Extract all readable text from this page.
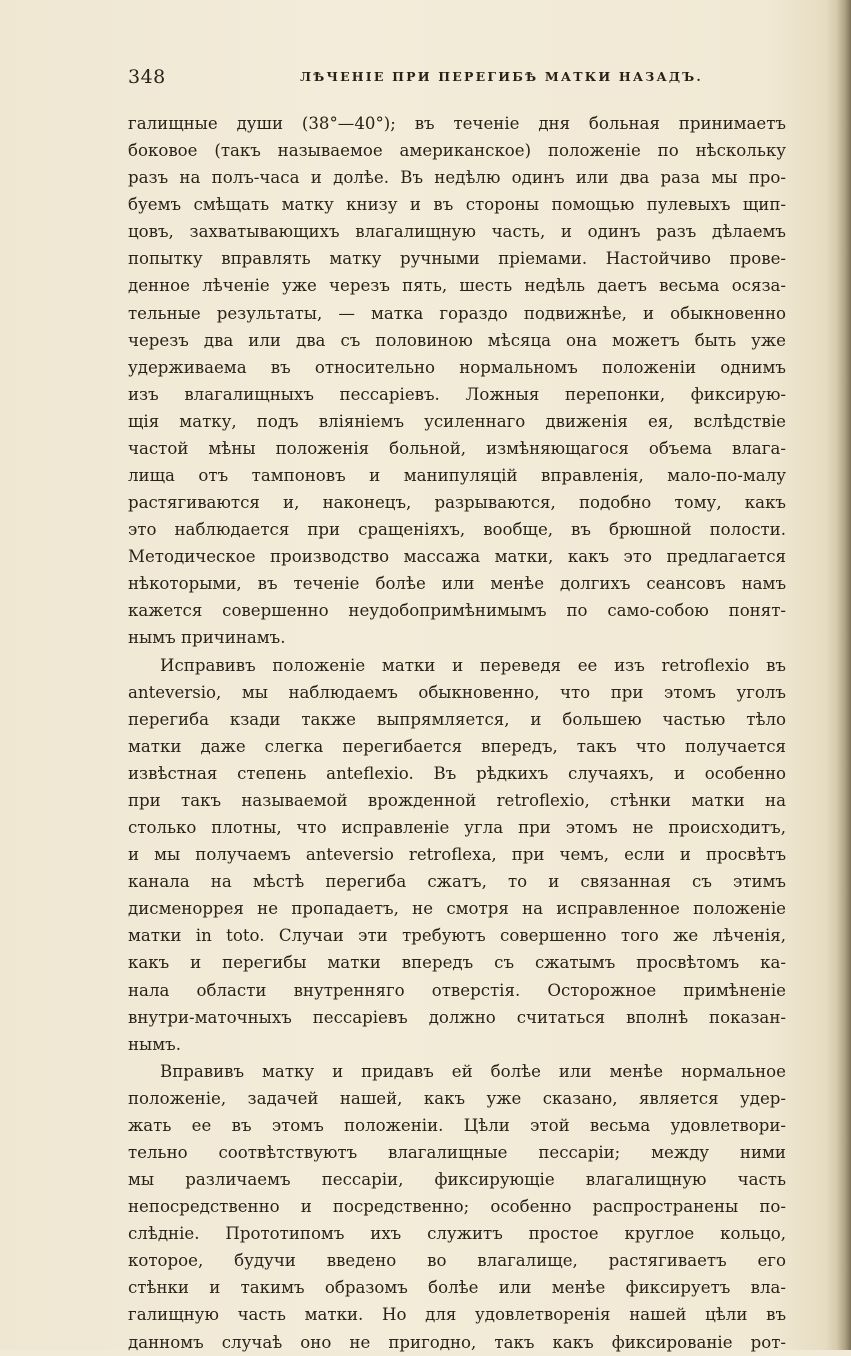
348	ЛѢЧЕНІЕ ПРИ ПЕРЕГИБѢ МАТКИ НАЗАДЪ.
галищные души (38°—40°); въ теченіе дня больная принимаетъ
боковое (такъ называемое американское) положеніе по нѣскольку
разъ на полъ-часа и долѣе. Въ недѣлю одинъ или два раза мы про-
буемъ смѣщать матку книзу и въ стороны помощью пулевыхъ щип-
цовъ, захватывающихъ влагалищную часть, и одинъ разъ дѣлаемъ
попытку вправлять матку ручными пріемами. Настойчиво прове-
денное лѣченіе уже черезъ пять, шесть недѣль даетъ весьма осяза-
тельные результаты, — матка гораздо подвижнѣе, и обыкновенно
черезъ два или два съ половиною мѣсяца она можетъ быть уже
удерживаема въ относительно нормальномъ положеніи однимъ
изъ влагалищныхъ пессаріевъ. Ложныя перепонки, фиксирую-
щія матку, подъ вліяніемъ усиленнаго движенія ея, вслѣдствіе
частой мѣны положенія больной, измѣняющагося объема влага-
лища отъ тампоновъ и манипуляцій вправленія, мало-по-малу
растягиваются и, наконецъ, разрываются, подобно тому, какъ
это наблюдается при сращеніяхъ, вообще, въ брюшной полости.
Методическое производство массажа матки, какъ это предлагается
нѣкоторыми, въ теченіе болѣе или менѣе долгихъ сеансовъ намъ
кажется совершенно неудобопримѣнимымъ по само-собою понят-
нымъ причинамъ.
Исправивъ положеніе матки и переведя ее изъ retroflexio въ
anteversio, мы наблюдаемъ обыкновенно, что при этомъ уголъ
перегиба кзади также выпрямляется, и большею частью тѣло
матки даже слегка перегибается впередъ, такъ что получается
извѣстная степень anteflexio. Въ рѣдкихъ случаяхъ, и особенно
при такъ называемой врожденной retroflexio, стѣнки матки на
столько плотны, что исправленіе угла при этомъ не происходитъ,
и мы получаемъ anteversio retroflexa, при чемъ, если и просвѣтъ
канала на мѣстѣ перегиба сжатъ, то и связанная съ этимъ
дисменоррея не пропадаетъ, не смотря на исправленное положеніе
матки in toto. Случаи эти требуютъ совершенно того же лѣченія,
какъ и перегибы матки впередъ съ сжатымъ просвѣтомъ ка-
нала области внутренняго отверстія. Осторожное примѣненіе
внутри-маточныхъ пессаріевъ должно считаться вполнѣ показан-
нымъ.
Вправивъ матку и придавъ ей болѣе или менѣе нормальное
положеніе, задачей нашей, какъ уже сказано, является удер-
жать ее въ этомъ положеніи. Цѣли этой весьма удовлетвори-
тельно соотвѣтствуютъ влагалищные пессаріи; между ними
мы различаемъ пессаріи, фиксирующіе влагалищную часть
непосредственно и посредственно; особенно распространены по-
слѣдніе. Прототипомъ ихъ служитъ простое круглое кольцо,
которое, будучи введено во влагалище, растягиваетъ его
стѣнки и такимъ образомъ болѣе или менѣе фиксируетъ вла-
галищную часть матки. Но для удовлетворенія нашей цѣли въ
данномъ случаѣ оно не пригодно, такъ какъ фиксированіе рот-
